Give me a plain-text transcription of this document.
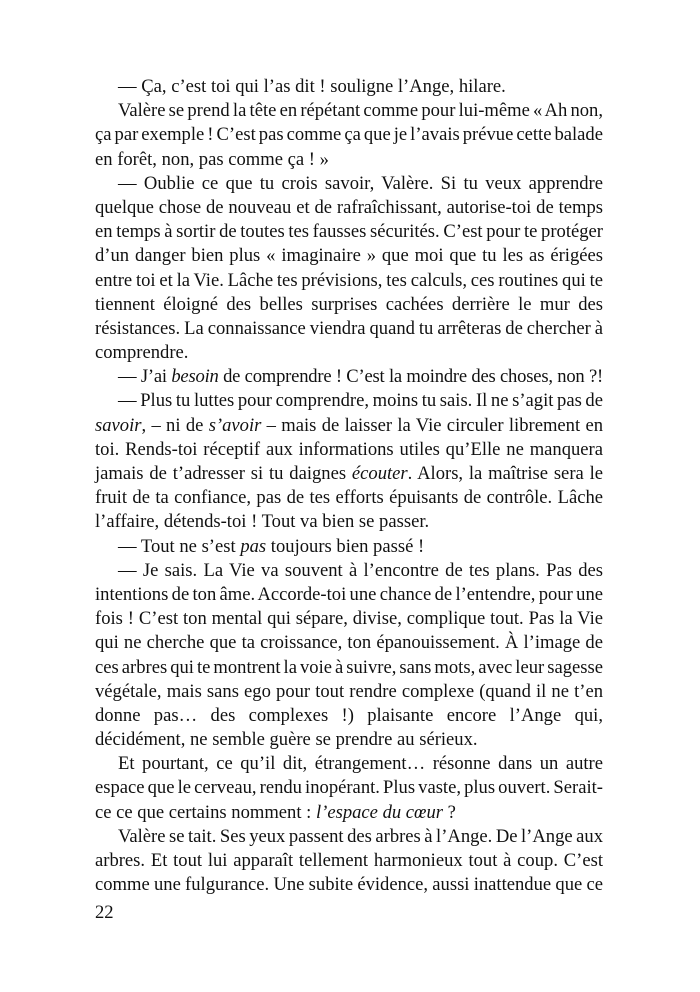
— Ça, c’est toi qui l’as dit ! souligne l’Ange, hilare.
Valère se prend la tête en répétant comme pour lui-même « Ah non,
ça par exemple ! C’est pas comme ça que je l’avais prévue cette balade
en forêt, non, pas comme ça ! »
— Oublie ce que tu crois savoir, Valère. Si tu veux apprendre
quelque chose de nouveau et de rafraîchissant, autorise-toi de temps
en temps à sortir de toutes tes fausses sécurités. C’est pour te protéger
d’un danger bien plus « imaginaire » que moi que tu les as érigées
entre toi et la Vie. Lâche tes prévisions, tes calculs, ces routines qui te
tiennent éloigné des belles surprises cachées derrière le mur des
résistances. La connaissance viendra quand tu arrêteras de chercher à
comprendre.
— J’ai besoin de comprendre ! C’est la moindre des choses, non ?!
— Plus tu luttes pour comprendre, moins tu sais. Il ne s’agit pas de
savoir, – ni de s’avoir – mais de laisser la Vie circuler librement en
toi. Rends-toi réceptif aux informations utiles qu’Elle ne manquera
jamais de t’adresser si tu daignes écouter. Alors, la maîtrise sera le
fruit de ta confiance, pas de tes efforts épuisants de contrôle. Lâche
l’affaire, détends-toi ! Tout va bien se passer.
— Tout ne s’est pas toujours bien passé !
— Je sais. La Vie va souvent à l’encontre de tes plans. Pas des
intentions de ton âme. Accorde-toi une chance de l’entendre, pour une
fois ! C’est ton mental qui sépare, divise, complique tout. Pas la Vie
qui ne cherche que ta croissance, ton épanouissement. À l’image de
ces arbres qui te montrent la voie à suivre, sans mots, avec leur sagesse
végétale, mais sans ego pour tout rendre complexe (quand il ne t’en
donne pas… des complexes !) plaisante encore l’Ange qui,
décidément, ne semble guère se prendre au sérieux.
Et pourtant, ce qu’il dit, étrangement… résonne dans un autre
espace que le cerveau, rendu inopérant. Plus vaste, plus ouvert. Serait-
ce ce que certains nomment : l’espace du cœur ?
Valère se tait. Ses yeux passent des arbres à l’Ange. De l’Ange aux
arbres. Et tout lui apparaît tellement harmonieux tout à coup. C’est
comme une fulgurance. Une subite évidence, aussi inattendue que ce
22
